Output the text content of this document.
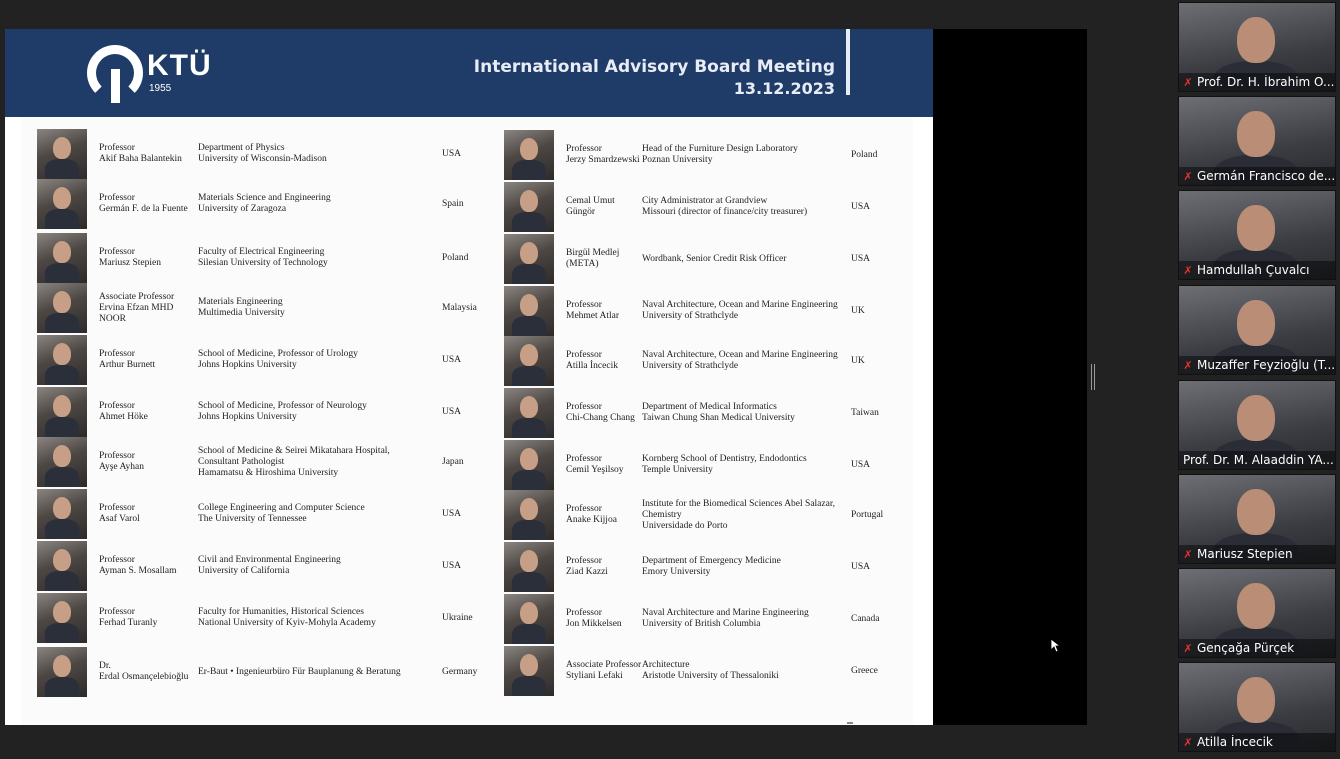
KTÜ
1955
International Advisory Board Meeting
13.12.2023
Professor
Akif Baha Balantekin
Department of Physics
University of Wisconsin-Madison
USA
Professor
Germán F. de la Fuente
Materials Science and Engineering
University of Zaragoza
Spain
Professor
Mariusz Stepien
Faculty of Electrical Engineering
Silesian University of Technology
Poland
Associate Professor
Ervina Efzan MHD NOOR
Materials Engineering
Multimedia University
Malaysia
Professor
Arthur Burnett
School of Medicine, Professor of Urology
Johns Hopkins University
USA
Professor
Ahmet Höke
School of Medicine, Professor of Neurology
Johns Hopkins University
USA
Professor
Ayşe Ayhan
School of Medicine & Seirei Mikatahara Hospital,
Consultant Pathologist
Hamamatsu & Hiroshima University
Japan
Professor
Asaf Varol
College Engineering and Computer Science
The University of Tennessee
USA
Professor
Ayman S. Mosallam
Civil and Environmental Engineering
University of California
USA
Professor
Ferhad Turanly
Faculty for Humanities, Historical Sciences
National University of Kyiv-Mohyla Academy
Ukraine
Dr.
Erdal Osmançelebioğlu
Er-Baut • Ingenieurbüro Für Bauplanung & Beratung	Germany
Professor
Jerzy Smardzewski
Head of the Furniture Design Laboratory
Poznan University
Poland
Cemal Umut Güngör
City Administrator at Grandview
Missouri (director of finance/city treasurer)
USA
Birgül Medlej (META)
Wordbank, Senior Credit Risk Officer	USA
Professor
Mehmet Atlar
Naval Architecture, Ocean and Marine Engineering
University of Strathclyde
UK
Professor
Atilla İncecik
Naval Architecture, Ocean and Marine Engineering
University of Strathclyde
UK
Professor
Chi-Chang Chang
Department of Medical Informatics
Taiwan Chung Shan Medical University
Taiwan
Professor
Cemil Yeşilsoy
Kornberg School of Dentistry, Endodontics
Temple University
USA
Professor
Anake Kijjoa
Institute for the Biomedical Sciences Abel Salazar, Chemistry
Universidade do Porto
Portugal
Professor
Ziad Kazzi
Department of Emergency Medicine
Emory University
USA
Professor
Jon Mikkelsen
Naval Architecture and Marine Engineering
University of British Columbia
Canada
Associate Professor
Styliani Lefaki
Architecture
Aristotle University of Thessaloniki
Greece
✗ Prof. Dr. H. İbrahim O...
✗ Germán Francisco de...
✗ Hamdullah Çuvalcı
✗ Muzaffer Feyzioğlu (T...
Prof. Dr. M. Alaaddin YA...
✗ Mariusz Stepien
✗ Gençağa Pürçek
✗ Atilla İncecik
